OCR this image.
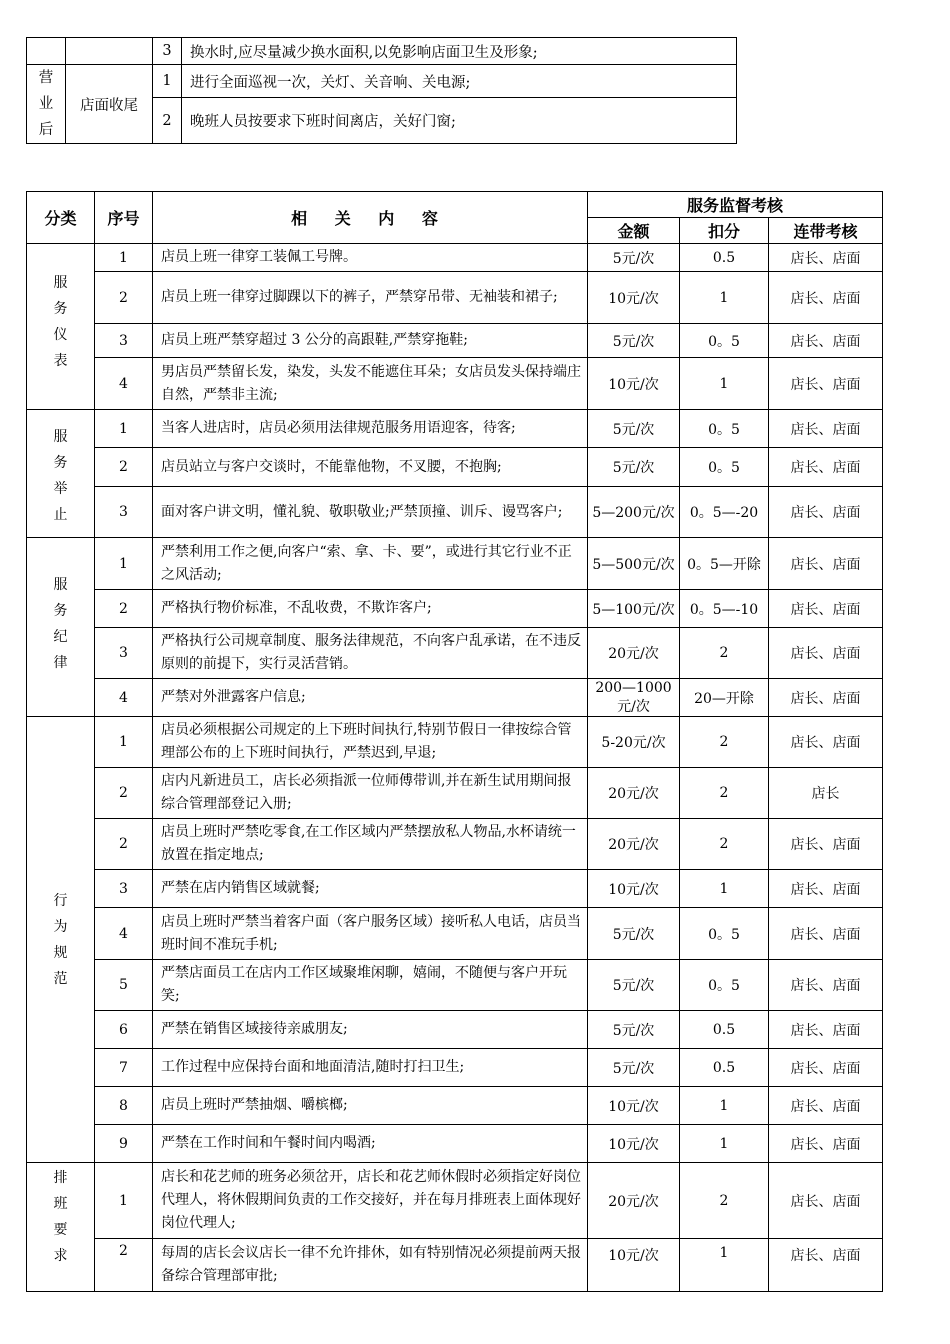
		3	换水时,应尽量减少换水面积,以免影响店面卫生及形象;
营
业
后	店面收尾	1	进行全面巡视一次，关灯、关音响、关电源;
		2	晚班人员按要求下班时间离店，关好门窗;
分类	序号	相 关 内 容	服务监督考核		
			金额	扣分	连带考核
服
务
仪
表	1	店员上班一律穿工装佩工号牌。	5元/次	0.5	店长、店面
	2	店员上班一律穿过脚踝以下的裤子，严禁穿吊带、无袖装和裙子;	10元/次	1	店长、店面
	3	店员上班严禁穿超过 3 公分的高跟鞋,严禁穿拖鞋;	5元/次	0。5	店长、店面
	4	男店员严禁留长发，染发，头发不能遮住耳朵；女店员发头保持端庄自然，严禁非主流;	10元/次	1	店长、店面
服
务
举
止	1	当客人进店时，店员必须用法律规范服务用语迎客，待客;	5元/次	0。5	店长、店面
	2	店员站立与客户交谈时，不能靠他物，不叉腰，不抱胸;	5元/次	0。5	店长、店面
	3	面对客户讲文明，懂礼貌、敬职敬业;严禁顶撞、训斥、谩骂客户;	5—200元/次	0。5—-20	店长、店面
服
务
纪
律	1	严禁利用工作之便,向客户“索、拿、卡、要”，或进行其它行业不正之风活动;	5—500元/次	0。5—开除	店长、店面
	2	严格执行物价标准，不乱收费，不欺诈客户;	5—100元/次	0。5—-10	店长、店面
	3	严格执行公司规章制度、服务法律规范，不向客户乱承诺，在不违反原则的前提下，实行灵活营销。	20元/次	2	店长、店面
	4	严禁对外泄露客户信息;	200—1000元/次	20—开除	店长、店面
行
为
规
范	1	店员必须根据公司规定的上下班时间执行,特别节假日一律按综合管理部公布的上下班时间执行，严禁迟到,早退;	5-20元/次	2	店长、店面
	2	店内凡新进员工，店长必须指派一位师傅带训,并在新生试用期间报综合管理部登记入册;	20元/次	2	店长
	2	店员上班时严禁吃零食,在工作区域内严禁摆放私人物品,水杯请统一放置在指定地点;	20元/次	2	店长、店面
	3	严禁在店内销售区域就餐;	10元/次	1	店长、店面
	4	店员上班时严禁当着客户面（客户服务区域）接听私人电话，店员当班时间不准玩手机;	5元/次	0。5	店长、店面
	5	严禁店面员工在店内工作区域聚堆闲聊，嬉闹，不随便与客户开玩笑;	5元/次	0。5	店长、店面
	6	严禁在销售区域接待亲戚朋友;	5元/次	0.5	店长、店面
	7	工作过程中应保持台面和地面清洁,随时打扫卫生;	5元/次	0.5	店长、店面
	8	店员上班时严禁抽烟、嚼槟榔;	10元/次	1	店长、店面
	9	严禁在工作时间和午餐时间内喝酒;	10元/次	1	店长、店面
排
班
要
求	1	店长和花艺师的班务必须岔开，店长和花艺师休假时必须指定好岗位代理人，将休假期间负责的工作交接好，并在每月排班表上面体现好岗位代理人;	20元/次	2	店长、店面
	2	每周的店长会议店长一律不允许排休，如有特别情况必须提前两天报备综合管理部审批;	10元/次	1	店长、店面
